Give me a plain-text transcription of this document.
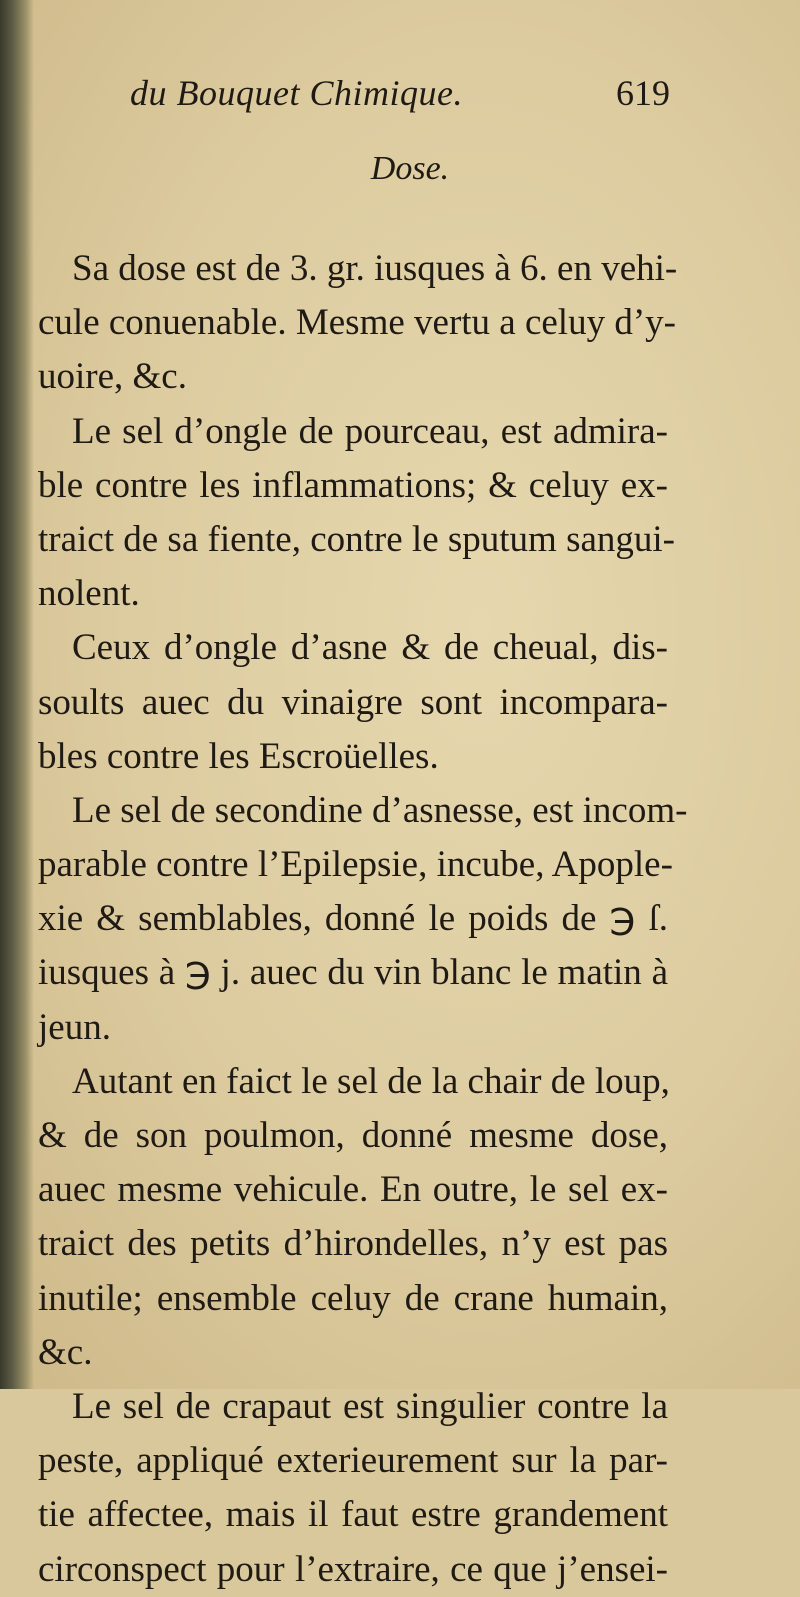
du Bouquet Chimique.	619
Dose.
Sa dose est de 3. gr. iusques à 6. en vehi-
cule conuenable. Mesme vertu a celuy d’y-
uoire, &c.
Le sel d’ongle de pourceau, est admira-
ble contre les inflammations; & celuy ex-
traict de sa fiente, contre le sputum sangui-
nolent.
Ceux d’ongle d’asne & de cheual, dis-
soults auec du vinaigre sont incompara-
bles contre les Escroüelles.
Le sel de secondine d’asnesse, est incom-
parable contre l’Epilepsie, incube, Apople-
xie & semblables, donné le poids de ℈ ſ.
iusques à ℈ j. auec du vin blanc le matin à
jeun.
Autant en faict le sel de la chair de loup,
& de son poulmon, donné mesme dose,
auec mesme vehicule. En outre, le sel ex-
traict des petits d’hirondelles, n’y est pas
inutile; ensemble celuy de crane humain,
&c.
Le sel de crapaut est singulier contre la
peste, appliqué exterieurement sur la par-
tie affectee, mais il faut estre grandement
circonspect pour l’extraire, ce que j’ensei-
